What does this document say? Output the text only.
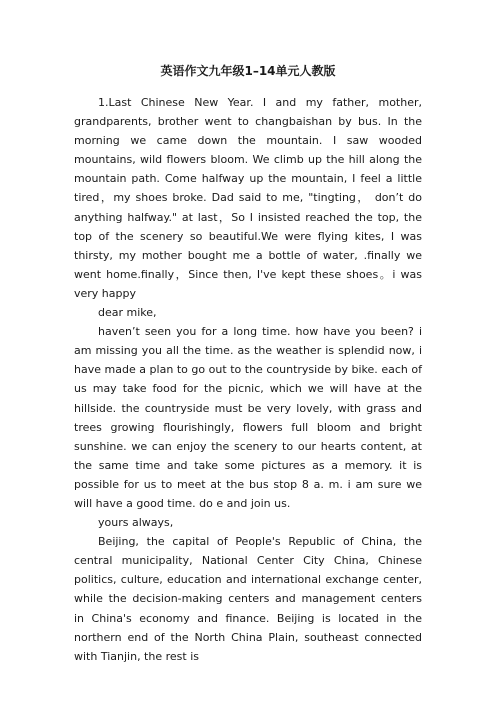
英语作文九年级1–14单元人教版

1.Last Chinese New Year. I and my father, mother, grandparents, brother went to changbaishan by bus. In the morning we came down the mountain. I saw wooded mountains, wild flowers bloom. We climb up the hill along the mountain path. Come halfway up the mountain, I feel a little tired，my shoes broke. Dad said to me, "tingting， don’t do anything halfway." at last，So I insisted reached the top, the top of the scenery so beautiful.We were flying kites, I was thirsty, my mother bought me a bottle of water, .finally we went home.finally，Since then, I've kept these shoes。i was very happy

dear mike,

haven’t seen you for a long time. how have you been? i am missing you all the time. as the weather is splendid now, i have made a plan to go out to the countryside by bike. each of us may take food for the picnic, which we will have at the hillside. the countryside must be very lovely, with grass and trees growing flourishingly, flowers full bloom and bright sunshine. we can enjoy the scenery to our hearts content, at the same time and take some pictures as a memory. it is possible for us to meet at the bus stop 8 a. m. i am sure we will have a good time. do e and join us.

yours always,

Beijing, the capital of People's Republic of China, the central municipality, National Center City China, Chinese politics, culture, education and international exchange center, while the decision-making centers and management centers in China's economy and finance. Beijing is located in the northern end of the North China Plain, southeast connected with Tianjin, the rest is
